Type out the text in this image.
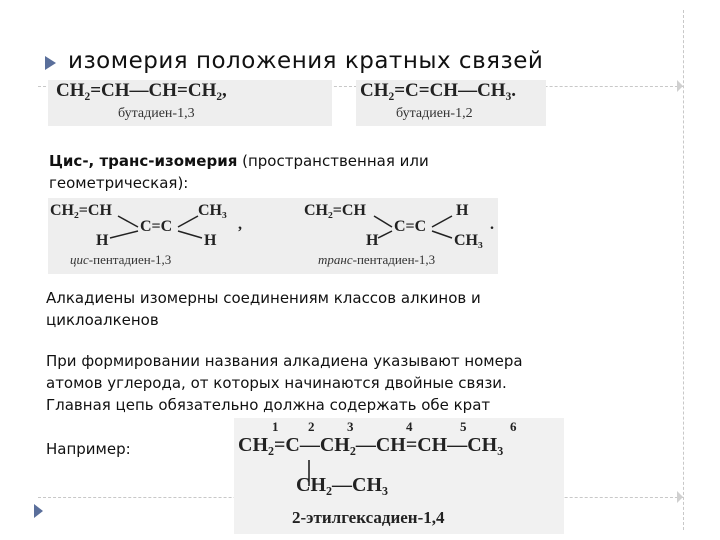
изомерия положения кратных связей
CH₂=CH—CH=CH₂,
бутадиен-1,3
CH₂=C=CH—CH₃.
бутадиен-1,2
Цис-, транс-изомерия (пространственная или геометрическая):
CH₂=CH	CH₃
C=C
H	H
цис-пентадиен-1,3
,
CH₂=CH	H
C=C
H	CH₃
транс-пентадиен-1,3
.
Алкадиены изомерны соединениям классов алкинов и циклоалкенов
При формировании названия алкадиена указывают номера атомов углерода, от которых начинаются двойные связи. Главная цепь обязательно должна содержать обе крат
Например:
1 2	3	4	5	6
CH₂=C—CH₂—CH=CH—CH₃
CH₂—CH₃
2-этилгексадиен-1,4
